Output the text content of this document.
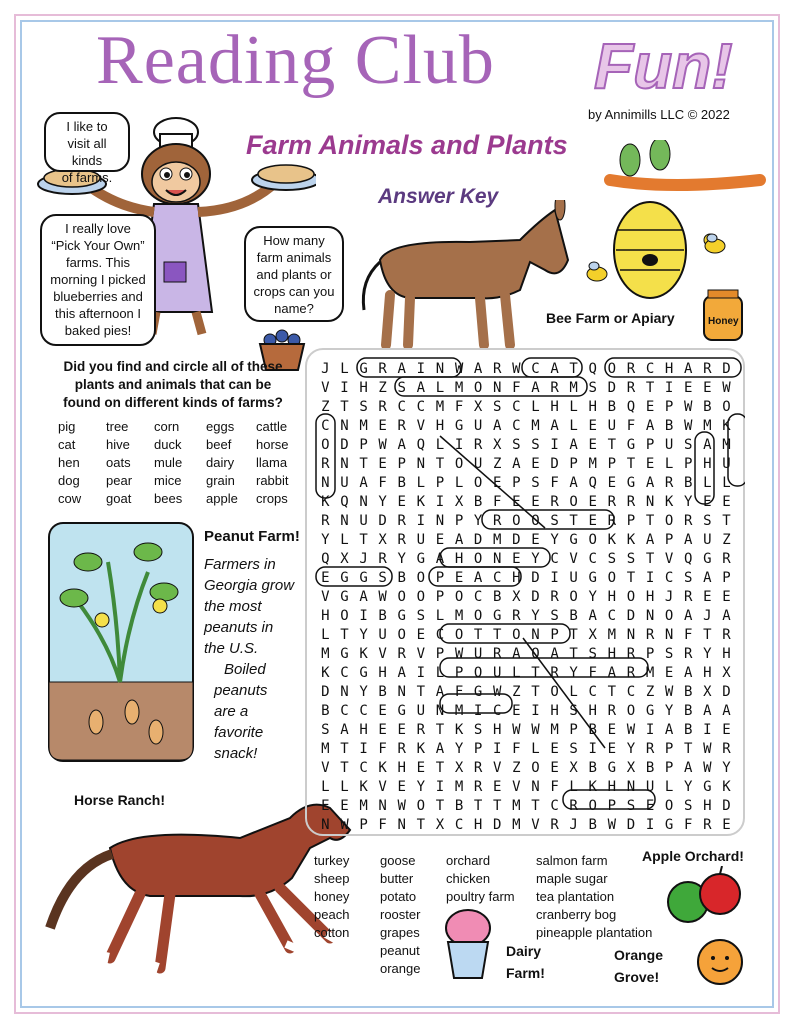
Reading Club Fun!
by Annimills LLC © 2022
Farm Animals and Plants
Answer Key
I like to
visit all kinds
of farms.
I really love
“Pick Your Own”
farms. This
morning I picked
blueberries and
this afternoon I
baked pies!
How many
farm animals
and plants or
crops can you
name?
Honey
Bee Farm or Apiary
Did you find and circle all of these plants and animals that can be found on different kinds of farms?
pig
cat
hen
dog
cow
tree
hive
oats
pear
goat
corn
duck
mule
mice
bees
eggs
beef
dairy
grain
apple
cattle
horse
llama
rabbit
crops
Peanut Farm!
Farmers in
Georgia grow
the most
peanuts in
the U.S.
Boiled
peanuts
are a
favorite
snack!
Horse Ranch!
J L G R A I N W A R W C A T Q O R C H A R D
V I H Z S A L M O N F A R M S D R T I E E W
Z T S R C C M F X S C L H L H B Q E P W B O
C N M E R V H G U A C M A L E U F A B W M K
O D P W A Q L I R X S S I A E T G P U S A M
R N T E P N T O U Z A E D P M P T E L P H U
N U A F B L P L O E P S F A Q E G A R B L L
K Q N Y E K I X B F E E R O E R R N K Y E E
R N U D R I N P Y R O O S T E R P T O R S T
Y L T X R U E A D M D E Y G O K K A P A U Z
Q X J R Y G A H O N E Y C V C S S T V Q G R
E G G S B O P E A C H D I U G O T I C S A P
V G A W O O P O C B X D R O Y H O H J R E E
H O I B G S L M O G R Y S B A C D N O A J A
L T Y U O E C O T T O N P T X M N R N F T R
M G K V R V P W U R A O A T S H R P S R Y H
K C G H A I L P O U L T R Y F A R M E A H X
D N Y B N T A F G W Z T O L C T C Z W B X D
B C C E G U N M I C E I H S H R O G Y B A A
S A H E E R T K S H W W M P B E W I A B I E
M T I F R K A Y P I F L E S I E Y R P T W R
V T C K H E T X R V Z O E X B G X B P A W Y
L L K V E Y I M R E V N F L K H N U L Y G K
E E M N W O T B T T M T C R O P S E O S H D
N W P F N T X C H D M V R J B W D I G F R E
turkey
sheep
honey
peach
cotton
goose
butter
potato
rooster
grapes
peanut
orange
orchard
chicken
poultry farm
salmon farm
maple sugar
tea plantation
cranberry bog
pineapple plantation
Dairy
Farm!
Orange
Grove!
Apple Orchard!
